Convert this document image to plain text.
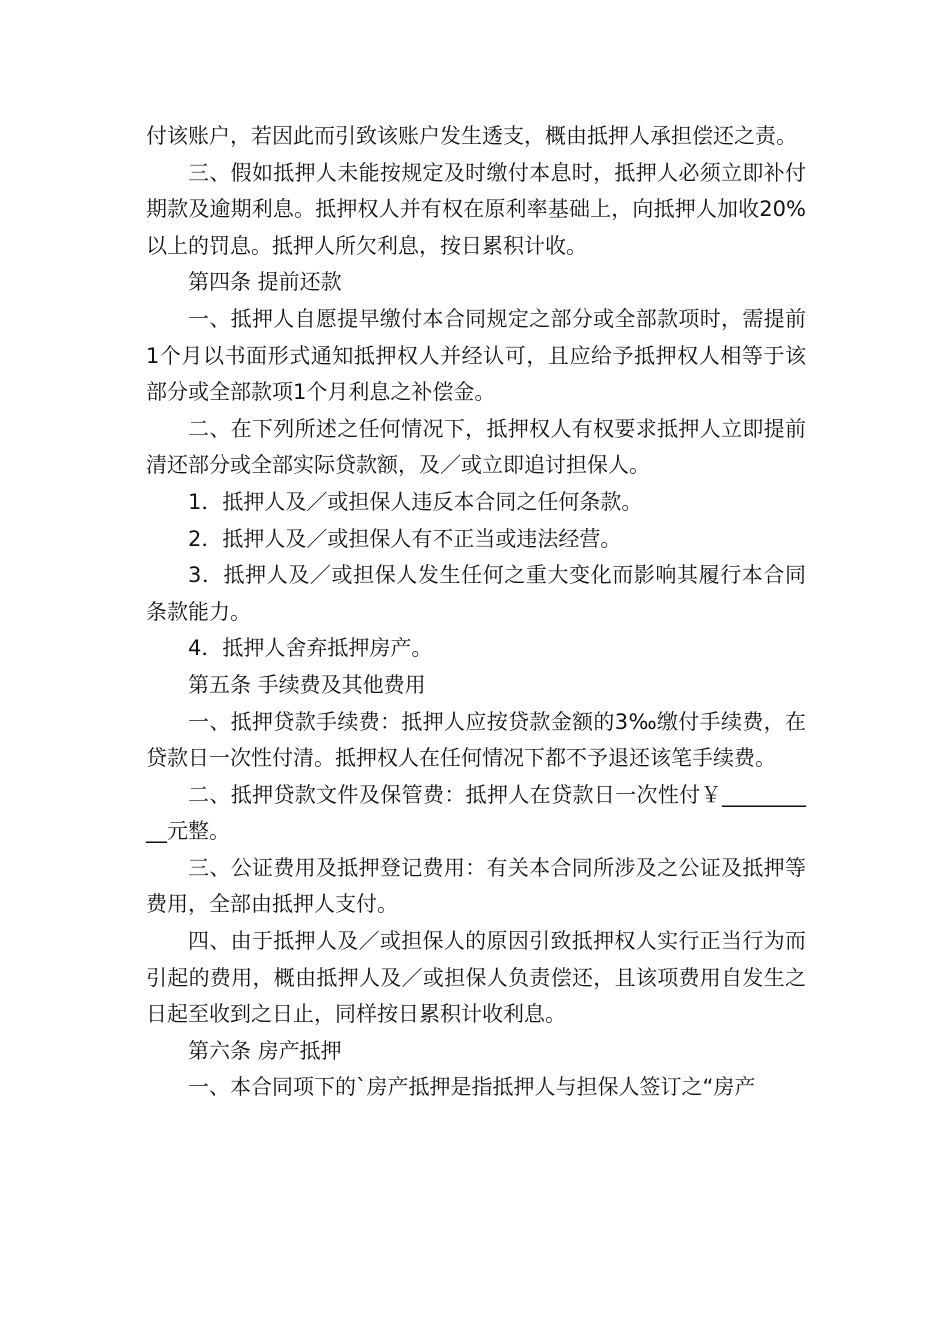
付该账户，若因此而引致该账户发生透支，概由抵押人承担偿还之责。

三、假如抵押人未能按规定及时缴付本息时，抵押人必须立即补付期款及逾期利息。抵押权人并有权在原利率基础上，向抵押人加收20%以上的罚息。抵押人所欠利息，按日累积计收。

第四条 提前还款

一、抵押人自愿提早缴付本合同规定之部分或全部款项时，需提前1个月以书面形式通知抵押权人并经认可，且应给予抵押权人相等于该部分或全部款项1个月利息之补偿金。

二、在下列所述之任何情况下，抵押权人有权要求抵押人立即提前清还部分或全部实际贷款额，及／或立即追讨担保人。

1．抵押人及／或担保人违反本合同之任何条款。

2．抵押人及／或担保人有不正当或违法经营。

3．抵押人及／或担保人发生任何之重大变化而影响其履行本合同条款能力。

4．抵押人舍弃抵押房产。

第五条 手续费及其他费用

一、抵押贷款手续费：抵押人应按贷款金额的3‰缴付手续费，在贷款日一次性付清。抵押权人在任何情况下都不予退还该笔手续费。

二、抵押贷款文件及保管费：抵押人在贷款日一次性付￥__________元整。

三、公证费用及抵押登记费用：有关本合同所涉及之公证及抵押等费用，全部由抵押人支付。

四、由于抵押人及／或担保人的原因引致抵押权人实行正当行为而引起的费用，概由抵押人及／或担保人负责偿还，且该项费用自发生之日起至收到之日止，同样按日累积计收利息。

第六条 房产抵押

一、本合同项下的`房产抵押是指抵押人与担保人签订之“房产
